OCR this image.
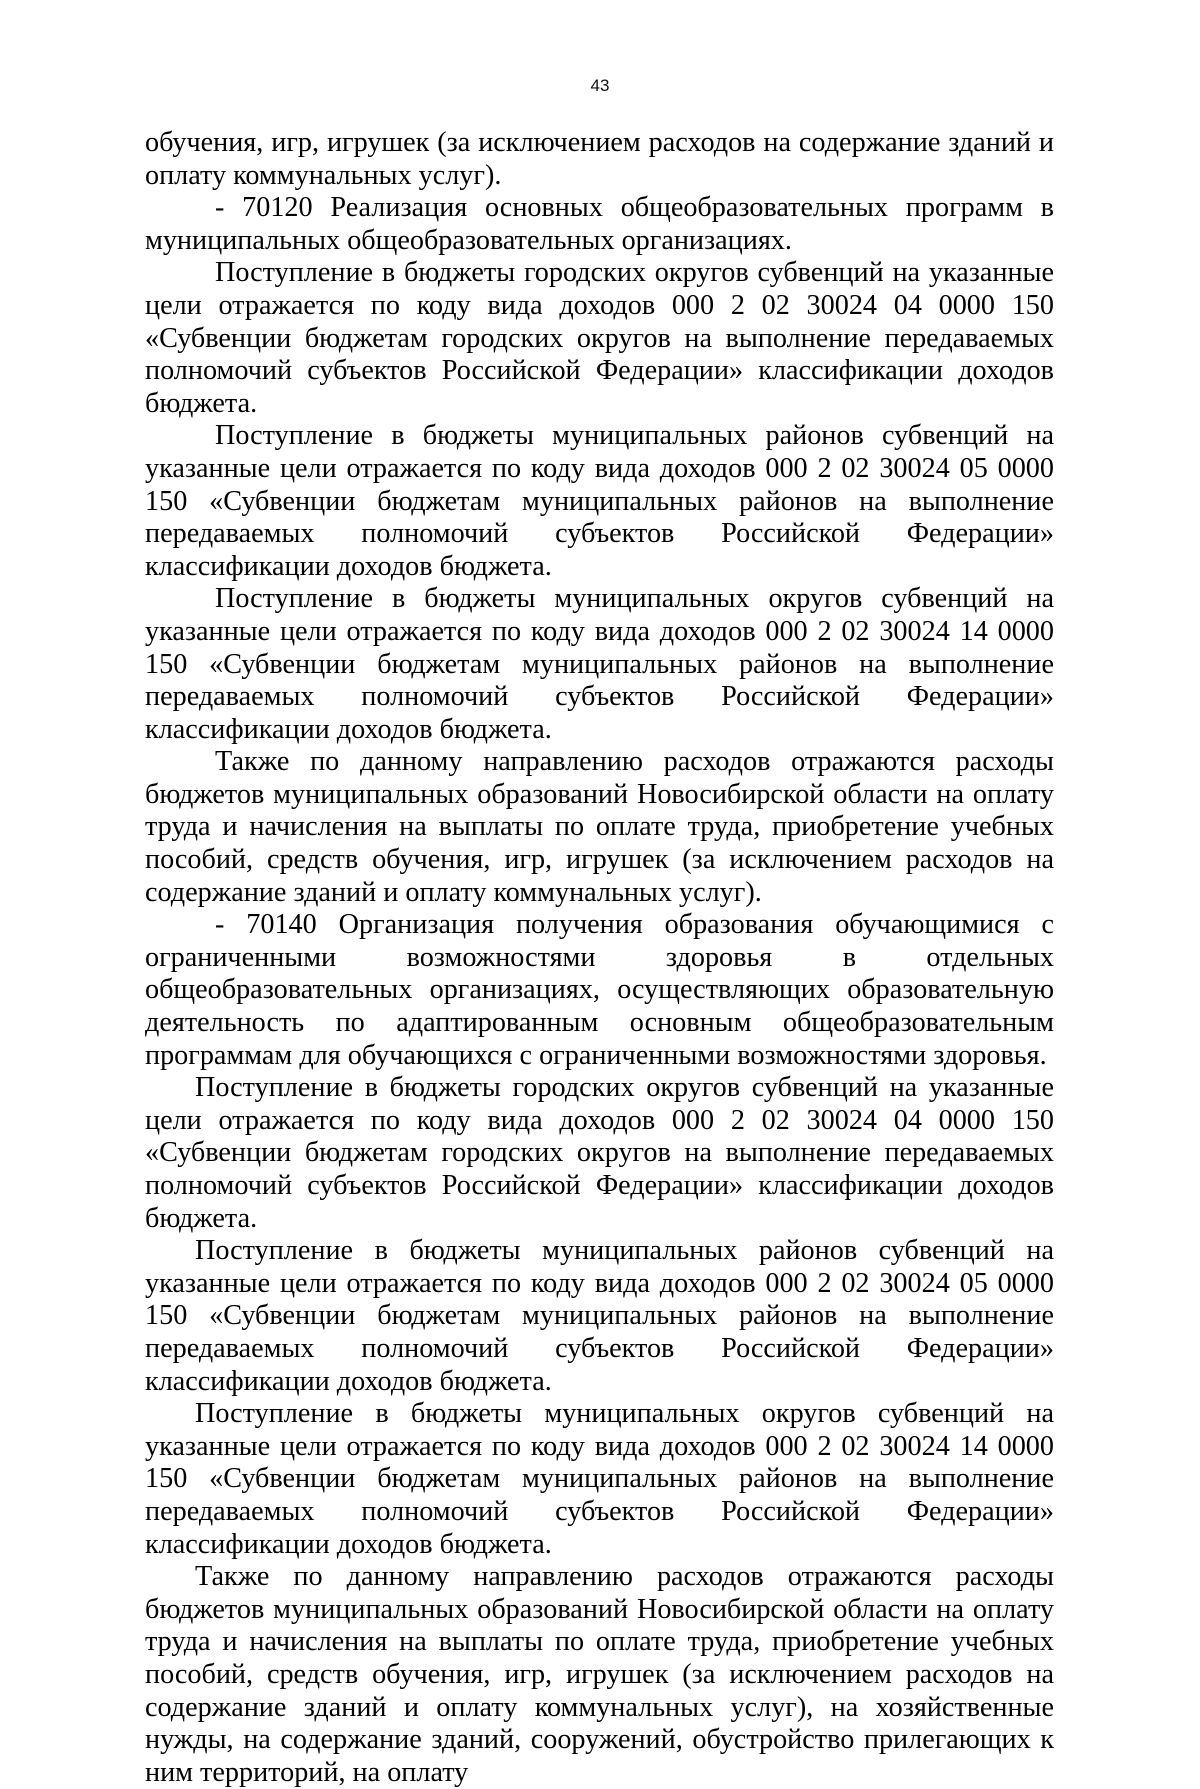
43

обучения, игр, игрушек (за исключением расходов на содержание зданий и оплату коммунальных услуг).

- 70120 Реализация основных общеобразовательных программ в муниципальных общеобразовательных организациях.

Поступление в бюджеты городских округов субвенций на указанные цели отражается по коду вида доходов 000 2 02 30024 04 0000 150 «Субвенции бюджетам городских округов на выполнение передаваемых полномочий субъектов Российской Федерации» классификации доходов бюджета.

Поступление в бюджеты муниципальных районов субвенций на указанные цели отражается по коду вида доходов 000 2 02 30024 05 0000 150 «Субвенции бюджетам муниципальных районов на выполнение передаваемых полномочий субъектов Российской Федерации» классификации доходов бюджета.

Поступление в бюджеты муниципальных округов субвенций на указанные цели отражается по коду вида доходов 000 2 02 30024 14 0000 150 «Субвенции бюджетам муниципальных районов на выполнение передаваемых полномочий субъектов Российской Федерации» классификации доходов бюджета.

Также по данному направлению расходов отражаются расходы бюджетов муниципальных образований Новосибирской области на оплату труда и начисления на выплаты по оплате труда, приобретение учебных пособий, средств обучения, игр, игрушек (за исключением расходов на содержание зданий и оплату коммунальных услуг).

- 70140 Организация получения образования обучающимися с ограниченными возможностями здоровья в отдельных общеобразовательных организациях, осуществляющих образовательную деятельность по адаптированным основным общеобразовательным программам для обучающихся с ограниченными возможностями здоровья.

Поступление в бюджеты городских округов субвенций на указанные цели отражается по коду вида доходов 000 2 02 30024 04 0000 150 «Субвенции бюджетам городских округов на выполнение передаваемых полномочий субъектов Российской Федерации» классификации доходов бюджета.

Поступление в бюджеты муниципальных районов субвенций на указанные цели отражается по коду вида доходов 000 2 02 30024 05 0000 150 «Субвенции бюджетам муниципальных районов на выполнение передаваемых полномочий субъектов Российской Федерации» классификации доходов бюджета.

Поступление в бюджеты муниципальных округов субвенций на указанные цели отражается по коду вида доходов 000 2 02 30024 14 0000 150 «Субвенции бюджетам муниципальных районов на выполнение передаваемых полномочий субъектов Российской Федерации» классификации доходов бюджета.

Также по данному направлению расходов отражаются расходы бюджетов муниципальных образований Новосибирской области на оплату труда и начисления на выплаты по оплате труда, приобретение учебных пособий, средств обучения, игр, игрушек (за исключением расходов на содержание зданий и оплату коммунальных услуг), на хозяйственные нужды, на содержание зданий, сооружений, обустройство прилегающих к ним территорий, на оплату
